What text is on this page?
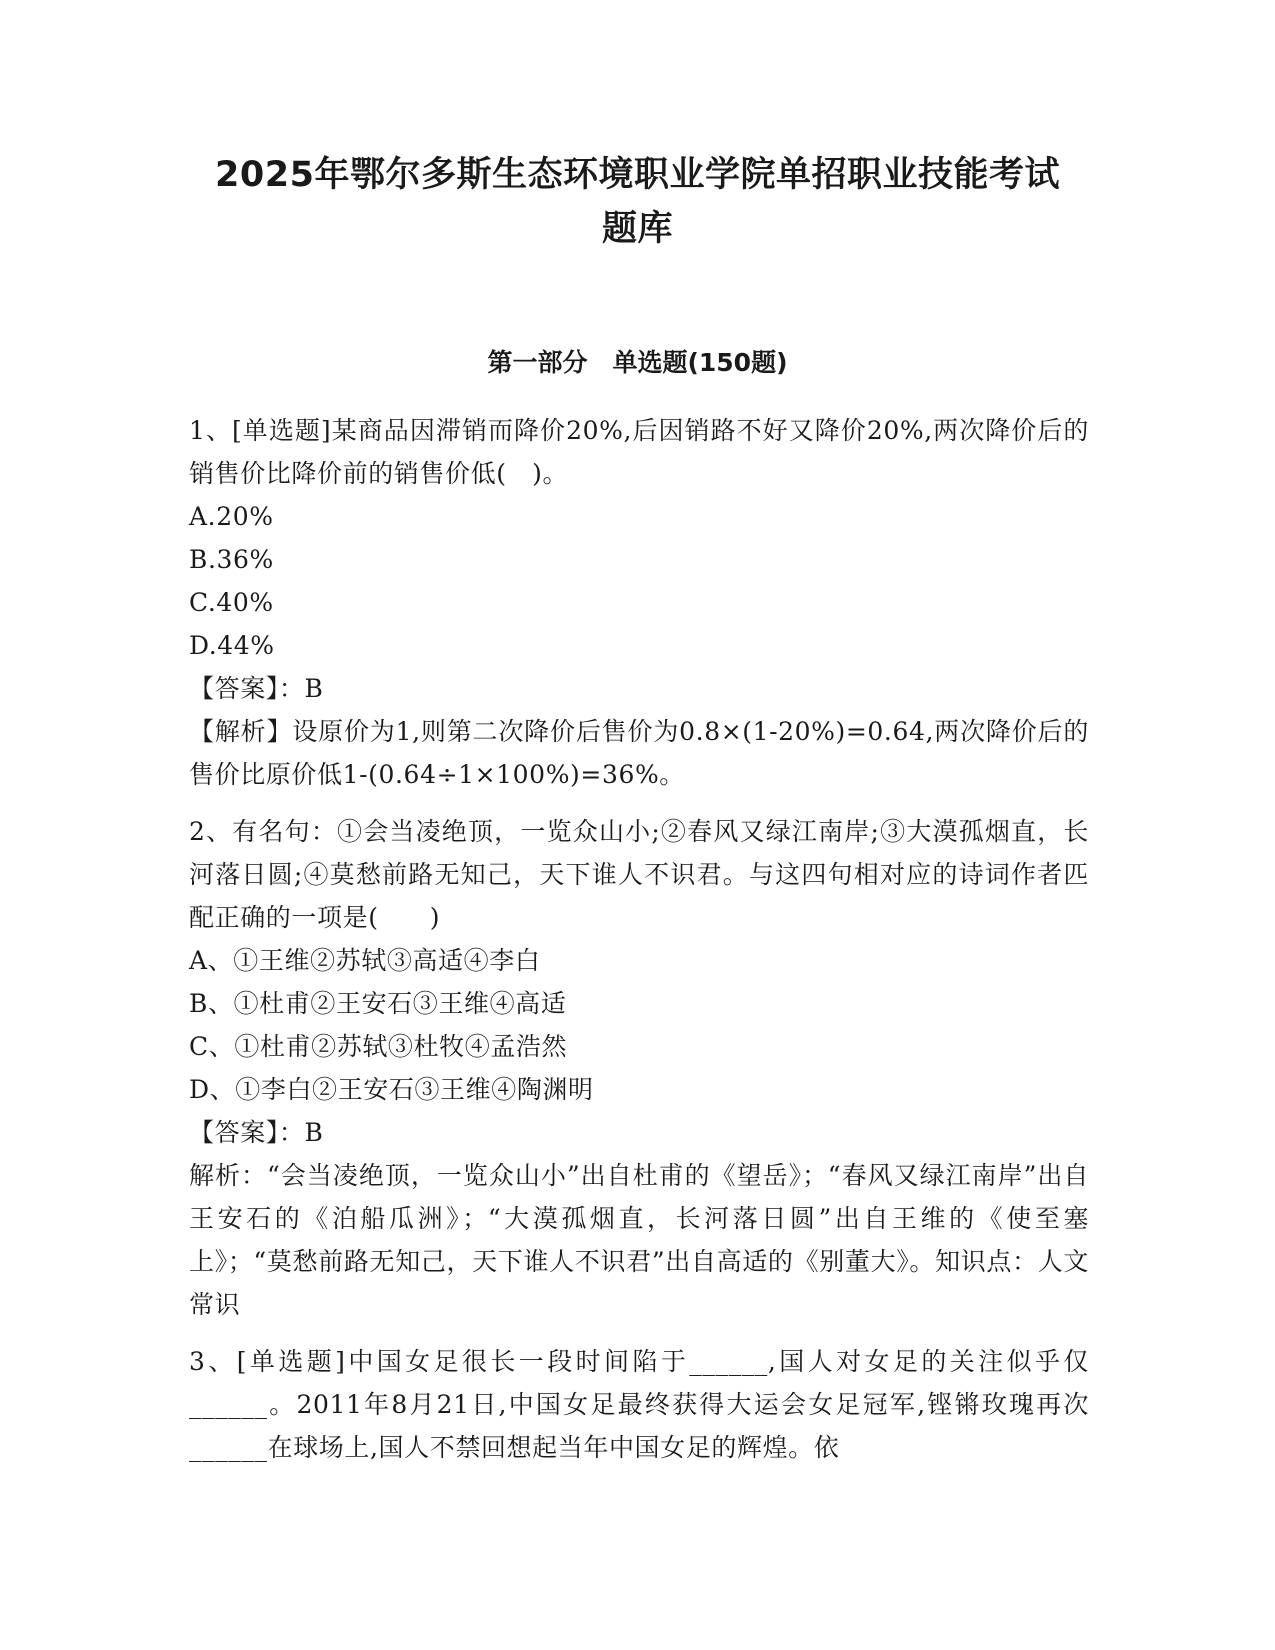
2025年鄂尔多斯生态环境职业学院单招职业技能考试
题库
第一部分　单选题(150题)

1、[单选题]某商品因滞销而降价20%,后因销路不好又降价20%,两次降价后的销售价比降价前的销售价低(　)。

A.20%

B.36%

C.40%

D.44%

【答案】：B

【解析】设原价为1,则第二次降价后售价为0.8×(1-20%)=0.64,两次降价后的售价比原价低1-(0.64÷1×100%)=36%。

2、有名句：①会当凌绝顶，一览众山小;②春风又绿江南岸;③大漠孤烟直，长河落日圆;④莫愁前路无知己，天下谁人不识君。与这四句相对应的诗词作者匹配正确的一项是(　　)

A、①王维②苏轼③高适④李白

B、①杜甫②王安石③王维④高适

C、①杜甫②苏轼③杜牧④孟浩然

D、①李白②王安石③王维④陶渊明

【答案】：B

解析：“会当凌绝顶，一览众山小”出自杜甫的《望岳》；“春风又绿江南岸”出自王安石的《泊船瓜洲》；“大漠孤烟直，长河落日圆”出自王维的《使至塞上》；“莫愁前路无知己，天下谁人不识君”出自高适的《别董大》。知识点：人文常识

3、[单选题]中国女足很长一段时间陷于______,国人对女足的关注似乎仅______。2011年8月21日,中国女足最终获得大运会女足冠军,铿锵玫瑰再次______在球场上,国人不禁回想起当年中国女足的辉煌。依
